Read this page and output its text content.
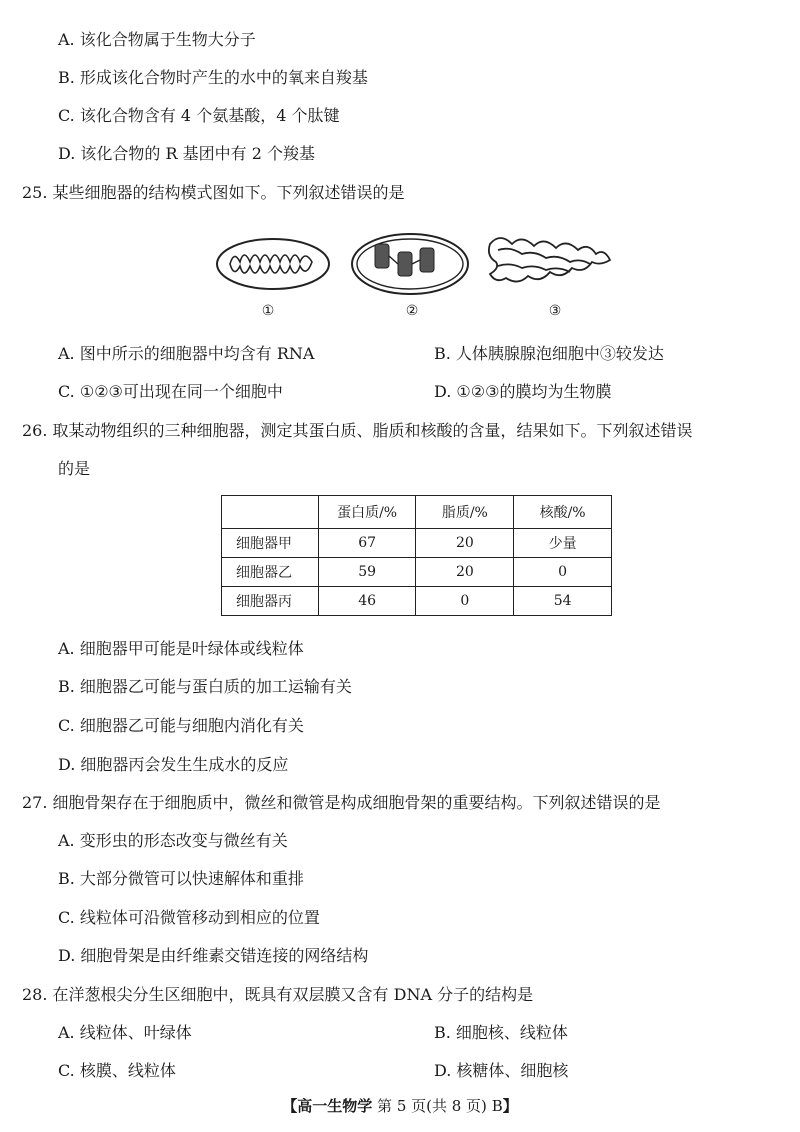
A. 该化合物属于生物大分子
B. 形成该化合物时产生的水中的氧来自羧基
C. 该化合物含有 4 个氨基酸，4 个肽键
D. 该化合物的 R 基团中有 2 个羧基
25. 某些细胞器的结构模式图如下。下列叙述错误的是
①	②	③
A. 图中所示的细胞器中均含有 RNA	B. 人体胰腺腺泡细胞中③较发达
C. ①②③可出现在同一个细胞中	D. ①②③的膜均为生物膜
26. 取某动物组织的三种细胞器，测定其蛋白质、脂质和核酸的含量，结果如下。下列叙述错误
的是
	蛋白质/%	脂质/%	核酸/%
细胞器甲	67	20	少量
细胞器乙	59	20	0
细胞器丙	46	0	54
A. 细胞器甲可能是叶绿体或线粒体
B. 细胞器乙可能与蛋白质的加工运输有关
C. 细胞器乙可能与细胞内消化有关
D. 细胞器丙会发生生成水的反应
27. 细胞骨架存在于细胞质中，微丝和微管是构成细胞骨架的重要结构。下列叙述错误的是
A. 变形虫的形态改变与微丝有关
B. 大部分微管可以快速解体和重排
C. 线粒体可沿微管移动到相应的位置
D. 细胞骨架是由纤维素交错连接的网络结构
28. 在洋葱根尖分生区细胞中，既具有双层膜又含有 DNA 分子的结构是
A. 线粒体、叶绿体	B. 细胞核、线粒体
C. 核膜、线粒体	D. 核糖体、细胞核
【高一生物学 第 5 页(共 8 页) B】
